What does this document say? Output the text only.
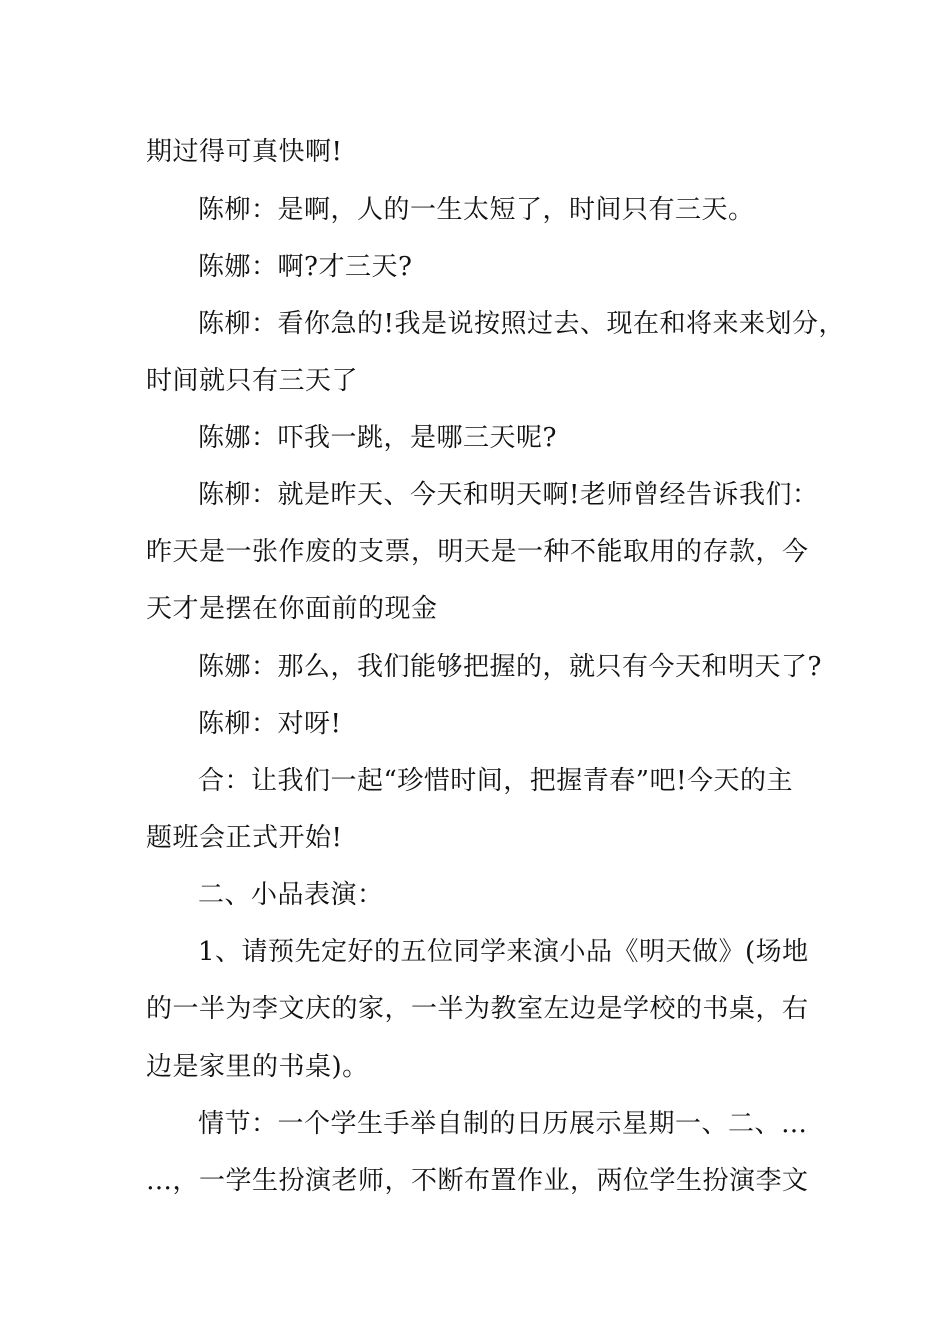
期过得可真快啊!
陈柳：是啊，人的一生太短了，时间只有三天。
陈娜：啊?才三天?
陈柳：看你急的!我是说按照过去、现在和将来来划分，
时间就只有三天了
陈娜：吓我一跳，是哪三天呢?
陈柳：就是昨天、今天和明天啊!老师曾经告诉我们：
昨天是一张作废的支票，明天是一种不能取用的存款，今
天才是摆在你面前的现金
陈娜：那么，我们能够把握的，就只有今天和明天了?
陈柳：对呀!
合：让我们一起“珍惜时间，把握青春”吧!今天的主
题班会正式开始!
二、小品表演：
1、请预先定好的五位同学来演小品《明天做》(场地
的一半为李文庆的家，一半为教室左边是学校的书桌，右
边是家里的书桌)。
情节：一个学生手举自制的日历展示星期一、二、…
…，一学生扮演老师，不断布置作业，两位学生扮演李文
